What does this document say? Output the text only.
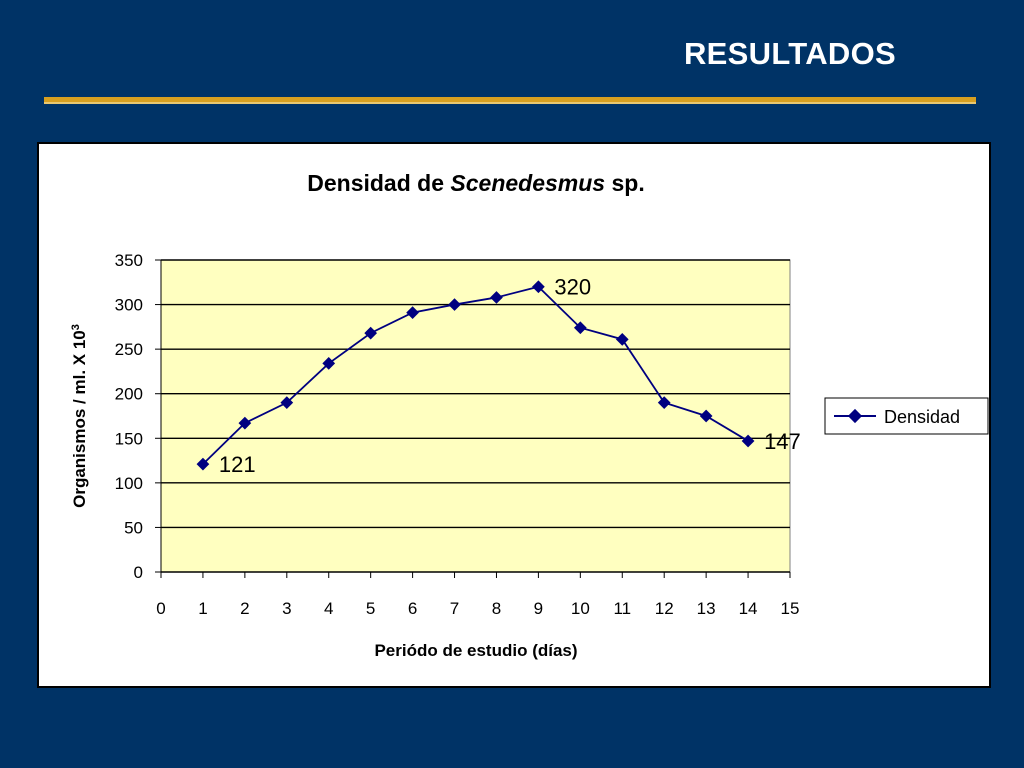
RESULTADOS
Densidad de Scenedesmus sp.
0
50
100
150
200
250
300
350
0 1 2 3 4 5 6 7 8 9 10 11 12 13 14 15
121
320
147
Periódo de estudio (días)
Organismos / ml. X $10^3$
Densidad
